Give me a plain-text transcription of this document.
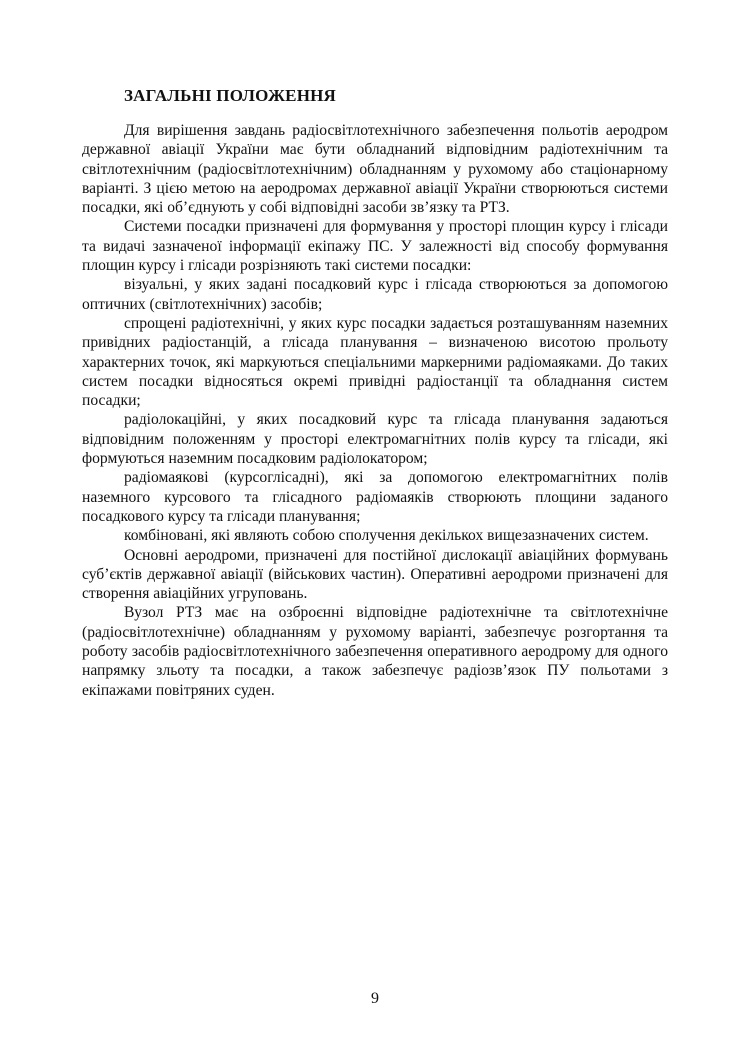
ЗАГАЛЬНІ ПОЛОЖЕННЯ

Для вирішення завдань радіосвітлотехнічного забезпечення польотів аеродром державної авіації України має бути обладнаний відповідним радіотехнічним та світлотехнічним (радіосвітлотехнічним) обладнанням у рухомому або стаціонарному варіанті. З цією метою на аеродромах державної авіації України створюються системи посадки, які об’єднують у собі відповідні засоби зв’язку та РТЗ.

Системи посадки призначені для формування у просторі площин курсу і глісади та видачі зазначеної інформації екіпажу ПС. У залежності від способу формування площин курсу і глісади розрізняють такі системи посадки:

візуальні, у яких задані посадковий курс і глісада створюються за допомогою оптичних (світлотехнічних) засобів;

спрощені радіотехнічні, у яких курс посадки задається розташуванням наземних привідних радіостанцій, а глісада планування – визначеною висотою прольоту характерних точок, які маркуються спеціальними маркерними радіомаяками. До таких систем посадки відносяться окремі привідні радіостанції та обладнання систем посадки;

радіолокаційні, у яких посадковий курс та глісада планування задаються відповідним положенням у просторі електромагнітних полів курсу та глісади, які формуються наземним посадковим радіолокатором;

радіомаякові (курсоглісадні), які за допомогою електромагнітних полів наземного курсового та глісадного радіомаяків створюють площини заданого посадкового курсу та глісади планування;

комбіновані, які являють собою сполучення декількох вищезазначених систем.

Основні аеродроми, призначені для постійної дислокації авіаційних формувань суб’єктів державної авіації (військових частин). Оперативні аеродроми призначені для створення авіаційних угруповань.

Вузол РТЗ має на озброєнні відповідне радіотехнічне та світлотехнічне (радіосвітлотехнічне) обладнанням у рухомому варіанті, забезпечує розгортання та роботу засобів радіосвітлотехнічного забезпечення оперативного аеродрому для одного напрямку зльоту та посадки, а також забезпечує радіозв’язок ПУ польотами з екіпажами повітряних суден.

9
